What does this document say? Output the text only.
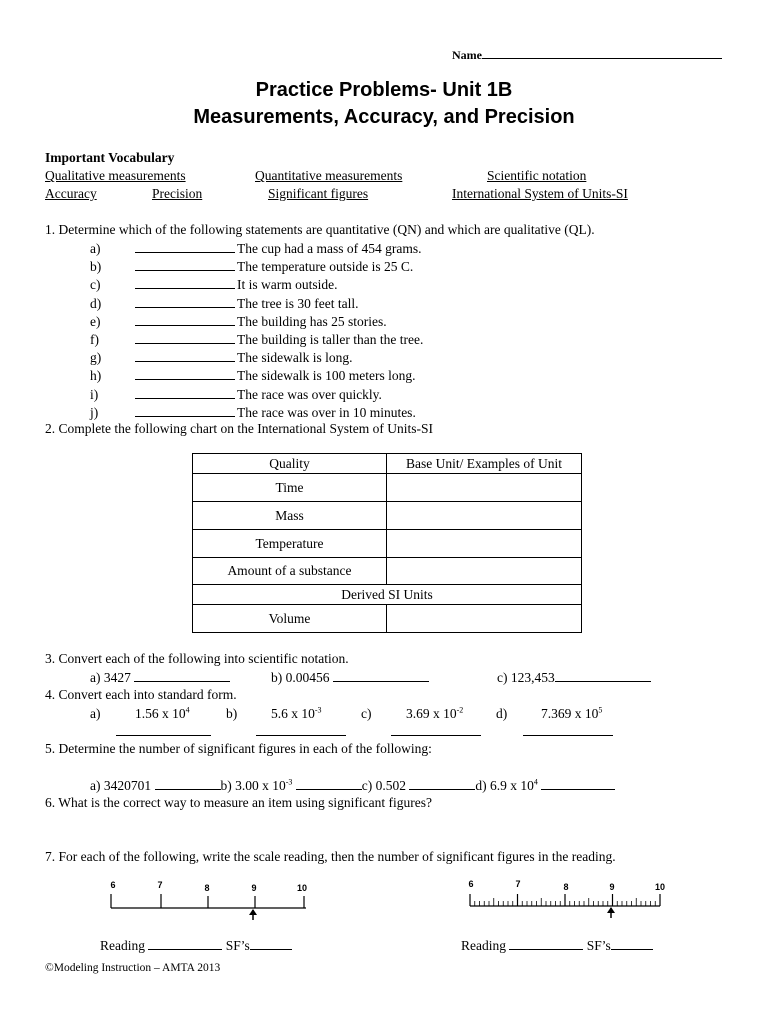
Name
Practice Problems- Unit 1B
Measurements, Accuracy, and Precision
Important Vocabulary
Qualitative measurements	Quantitative measurements	Scientific notation
Accuracy	Precision	Significant figures	International System of Units-SI
1. Determine which of the following statements are quantitative (QN) and which are qualitative (QL).
a)	The cup had a mass of 454 grams.
b)	The temperature outside is 25 C.
c)	It is warm outside.
d)	The tree is 30 feet tall.
e)	The building has 25 stories.
f)	The building is taller than the tree.
g)	The sidewalk is long.
h)	The sidewalk is 100 meters long.
i)	The race was over quickly.
j)	The race was over in 10 minutes.
2. Complete the following chart on the International System of Units-SI
Quality	Base Unit/ Examples of Unit
Time	
Mass	
Temperature	
Amount of a substance	
Derived SI Units	
Volume	
3. Convert each of the following into scientific notation.
a) 3427	b) 0.00456	c) 123,453
4. Convert each into standard form.
a)	1.56 x $10^4$	b)	5.6 x $10^{-3}$	c)	3.69 x $10^{-2}$ d)	7.369 x $10^5$
5. Determine the number of significant figures in each of the following:
a) 3420701	b) 3.00 x $10^{-3}$	c) 0.502	d) 6.9 x $10^4$
6. What is the correct way to measure an item using significant figures?
7. For each of the following, write the scale reading, then the number of significant figures in the reading.
6	7	8	9	10	6	7	8	9	10
Reading	SF’s	Reading	SF’s
©Modeling Instruction – AMTA 2013
